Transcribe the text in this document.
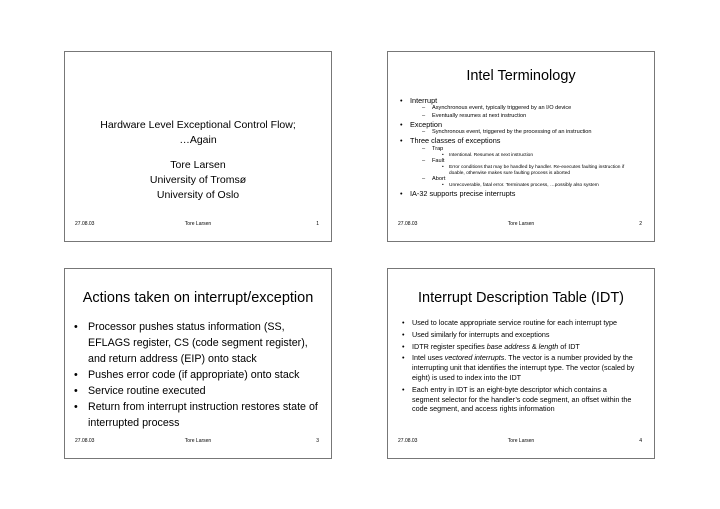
Hardware Level Exceptional Control Flow;
…Again
Tore Larsen
University of Tromsø
University of Oslo
27.08.03	Tore Larsen	1
Intel Terminology
• Interrupt
– Asynchronous event, typically triggered by an I/O device
– Eventually resumes at next instruction
• Exception
– Synchronous event, triggered by the processing of an instruction
• Three classes of exceptions
– Trap
• Intentional. Resumes at next instruction
– Fault
• Error conditions that may be handled by handler. Re-executes faulting instruction if doable, otherwise makes sure faulting process is aborted
– Abort
• Unrecoverable, fatal error. Terminates process, …possibly also system
• IA-32 supports precise interrupts
27.08.03	Tore Larsen	2
Actions taken on interrupt/exception
• Processor pushes status information (SS, EFLAGS register, CS (code segment register), and return address (EIP) onto stack
• Pushes error code (if appropriate) onto stack
• Service routine executed
• Return from interrupt instruction restores state of interrupted process
27.08.03	Tore Larsen	3
Interrupt Description Table (IDT)
• Used to locate appropriate service routine for each interrupt type
• Used similarly for interrupts and exceptions
• IDTR register specifies base address & length of IDT
• Intel uses vectored interrupts. The vector is a number provided by the interrupting unit that identifies the interrupt type. The vector (scaled by eight) is used to index into the IDT
• Each entry in IDT is an eight-byte descriptor which contains a segment selector for the handler’s code segment, an offset within the code segment, and access rights information
27.08.03	Tore Larsen	4
